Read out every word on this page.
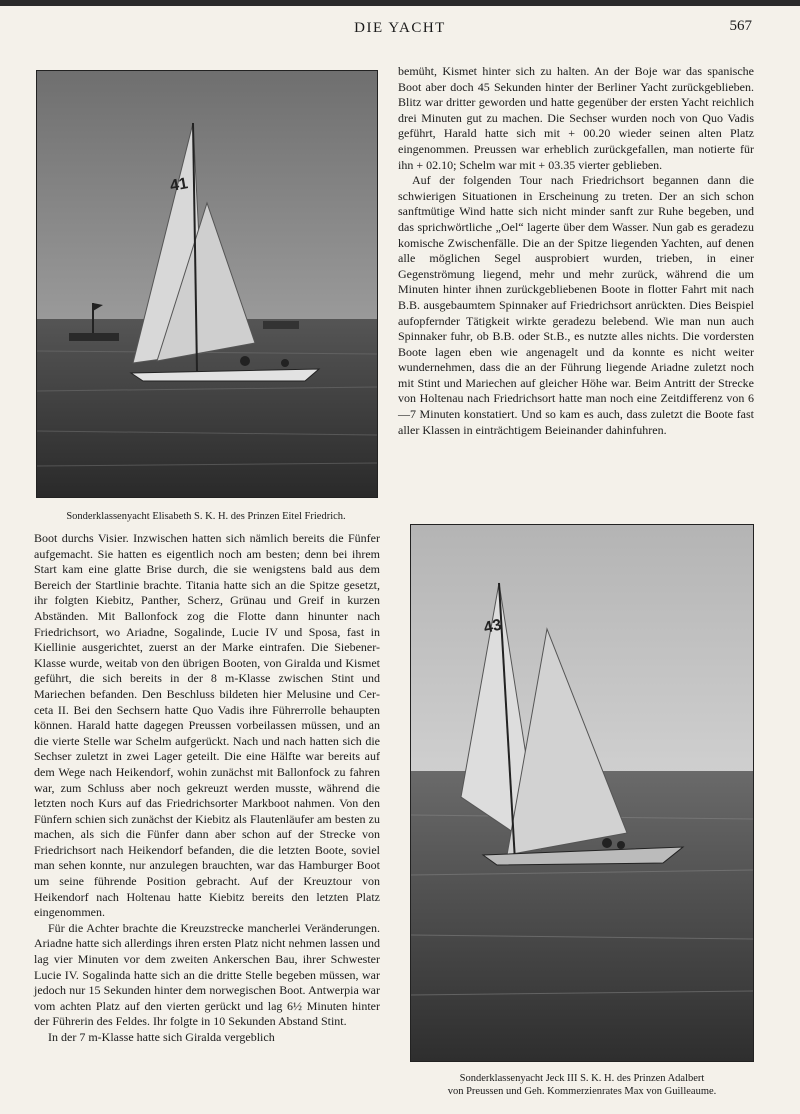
DIE YACHT	567
41
Sonderklassenyacht Elisabeth S. K. H. des Prinzen Eitel Friedrich.

bemüht, Kismet hinter sich zu halten. An der Boje war das spanische Boot aber doch 45 Sekunden hinter der Berliner Yacht zurückgeblieben. Blitz war dritter geworden und hatte gegenüber der ersten Yacht reichlich drei Minuten gut zu machen. Die Sechser wurden noch von Quo Vadis geführt, Harald hatte sich mit + 00.20 wieder seinen alten Platz eingenommen. Preussen war erheblich zurückgefallen, man notierte für ihn + 02.10; Schelm war mit + 03.35 vierter geblieben.

Auf der folgenden Tour nach Friedrichsort begannen dann die schwierigen Situationen in Erscheinung zu treten. Der an sich schon sanftmütige Wind hatte sich nicht minder sanft zur Ruhe begeben, und das sprichwörtliche „Oel“ lagerte über dem Wasser. Nun gab es geradezu komische Zwischenfälle. Die an der Spitze liegenden Yachten, auf denen alle möglichen Segel ausprobiert wurden, trieben, in einer Gegenströmung liegend, mehr und mehr zurück, während die um Minuten hinter ihnen zurückgebliebenen Boote in flotter Fahrt mit nach B.B. ausgebaumtem Spinnaker auf Friedrichsort anrückten. Dies Beispiel aufopfernder Tätigkeit wirkte geradezu belebend. Wie man nun auch Spinnaker fuhr, ob B.B. oder St.B., es nutzte alles nichts. Die vordersten Boote lagen eben wie angenagelt und da konnte es nicht weiter wundernehmen, dass die an der Führung liegende Ariadne zuletzt noch mit Stint und Mariechen auf gleicher Höhe war. Beim Antritt der Strecke von Holtenau nach Friedrichsort hatte man noch eine Zeitdifferenz von 6—7 Minuten konstatiert. Und so kam es auch, dass zuletzt die Boote fast aller Klassen in einträchtigem Beieinander dahinfuhren.

Boot durchs Visier. Inzwischen hatten sich nämlich bereits die Fünfer aufgemacht. Sie hatten es eigentlich noch am besten; denn bei ihrem Start kam eine glatte Brise durch, die sie wenigstens bald aus dem Bereich der Startlinie brachte. Titania hatte sich an die Spitze gesetzt, ihr folgten Kiebitz, Panther, Scherz, Grünau und Greif in kurzen Abständen. Mit Ballonfock zog die Flotte dann hinunter nach Friedrichsort, wo Ariadne, Sogalinde, Lucie IV und Sposa, fast in Kiellinie ausgerichtet, zuerst an der Marke eintrafen. Die Siebener-Klasse wurde, weitab von den übrigen Booten, von Giralda und Kismet geführt, die sich bereits in der 8 m-Klasse zwischen Stint und Mariechen befanden. Den Beschluss bildeten hier Melusine und Cerceta II. Bei den Sechsern hatte Quo Vadis ihre Führerrolle behaupten können. Harald hatte dagegen Preussen vorbeilassen müssen, und an die vierte Stelle war Schelm aufgerückt. Nach und nach hatten sich die Sechser zuletzt in zwei Lager geteilt. Die eine Hälfte war bereits auf dem Wege nach Heikendorf, wohin zunächst mit Ballonfock zu fahren war, zum Schluss aber noch gekreuzt werden musste, während die letzten noch Kurs auf das Friedrichsorter Markboot nahmen. Von den Fünfern schien sich zunächst der Kiebitz als Flautenläufer am besten zu machen, als sich die Fünfer dann aber schon auf der Strecke von Friedrichsort nach Heikendorf befanden, die die letzten Boote, soviel man sehen konnte, nur anzulegen brauchten, war das Hamburger Boot um seine führende Position gebracht. Auf der Kreuztour von Heikendorf nach Holtenau hatte Kiebitz bereits den letzten Platz eingenommen.

Für die Achter brachte die Kreuzstrecke mancherlei Veränderungen. Ariadne hatte sich allerdings ihren ersten Platz nicht nehmen lassen und lag vier Minuten vor dem zweiten Ankerschen Bau, ihrer Schwester Lucie IV. Sogalinda hatte sich an die dritte Stelle begeben müssen, war jedoch nur 15 Sekunden hinter dem norwegischen Boot. Antwerpia war vom achten Platz auf den vierten gerückt und lag 6½ Minuten hinter der Führerin des Feldes. Ihr folgte in 10 Sekunden Abstand Stint.

In der 7 m-Klasse hatte sich Giralda vergeblich

43
Sonderklassenyacht Jeck III S. K. H. des Prinzen Adalbert
von Preussen und Geh. Kommerzienrates Max von Guilleaume.
